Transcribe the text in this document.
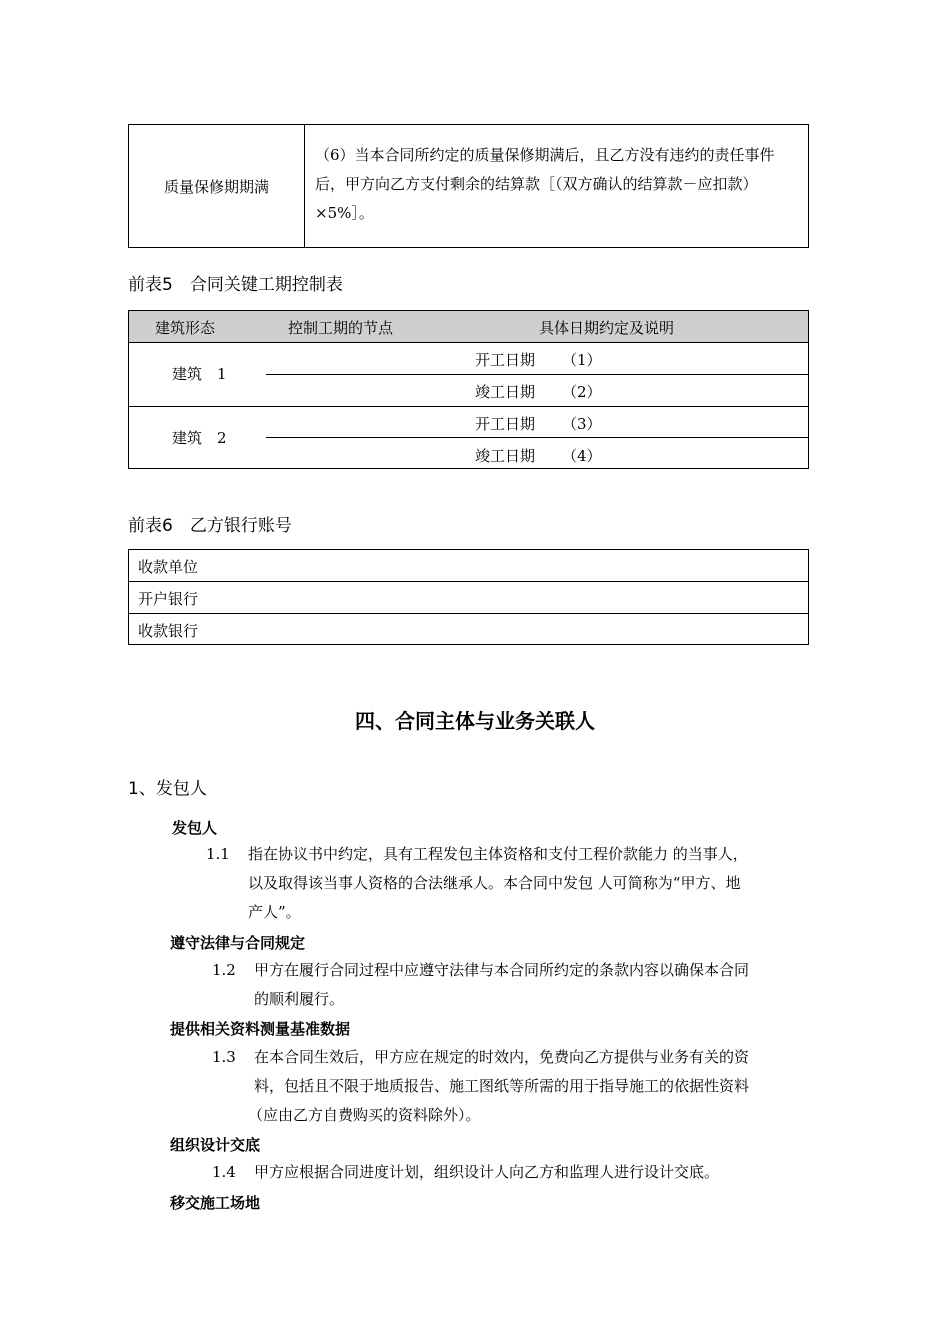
质量保修期期满
（6）当本合同所约定的质量保修期满后，且乙方没有违约的责任事件后，甲方向乙方支付剩余的结算款［（双方确认的结算款－应扣款）×5%］。
前表5　合同关键工期控制表
建筑形态	控制工期的节点	具体日期约定及说明
建筑　1
开工日期 （1）
竣工日期 （2）
建筑　2
开工日期 （3）
竣工日期 （4）
前表6　乙方银行账号
收款单位
开户银行
收款银行
四、合同主体与业务关联人
1、发包人
发包人
1.1 指在协议书中约定，具有工程发包主体资格和支付工程价款能力 的当事人，
以及取得该当事人资格的合法继承人。本合同中发包 人可简称为“甲方、地
产人”。
遵守法律与合同规定
1.2 甲方在履行合同过程中应遵守法律与本合同所约定的条款内容以确保本合同
的顺利履行。
提供相关资料测量基准数据
1.3 在本合同生效后，甲方应在规定的时效内，免费向乙方提供与业务有关的资
料，包括且不限于地质报告、施工图纸等所需的用于指导施工的依据性资料
（应由乙方自费购买的资料除外）。
组织设计交底
1.4 甲方应根据合同进度计划，组织设计人向乙方和监理人进行设计交底。
移交施工场地
